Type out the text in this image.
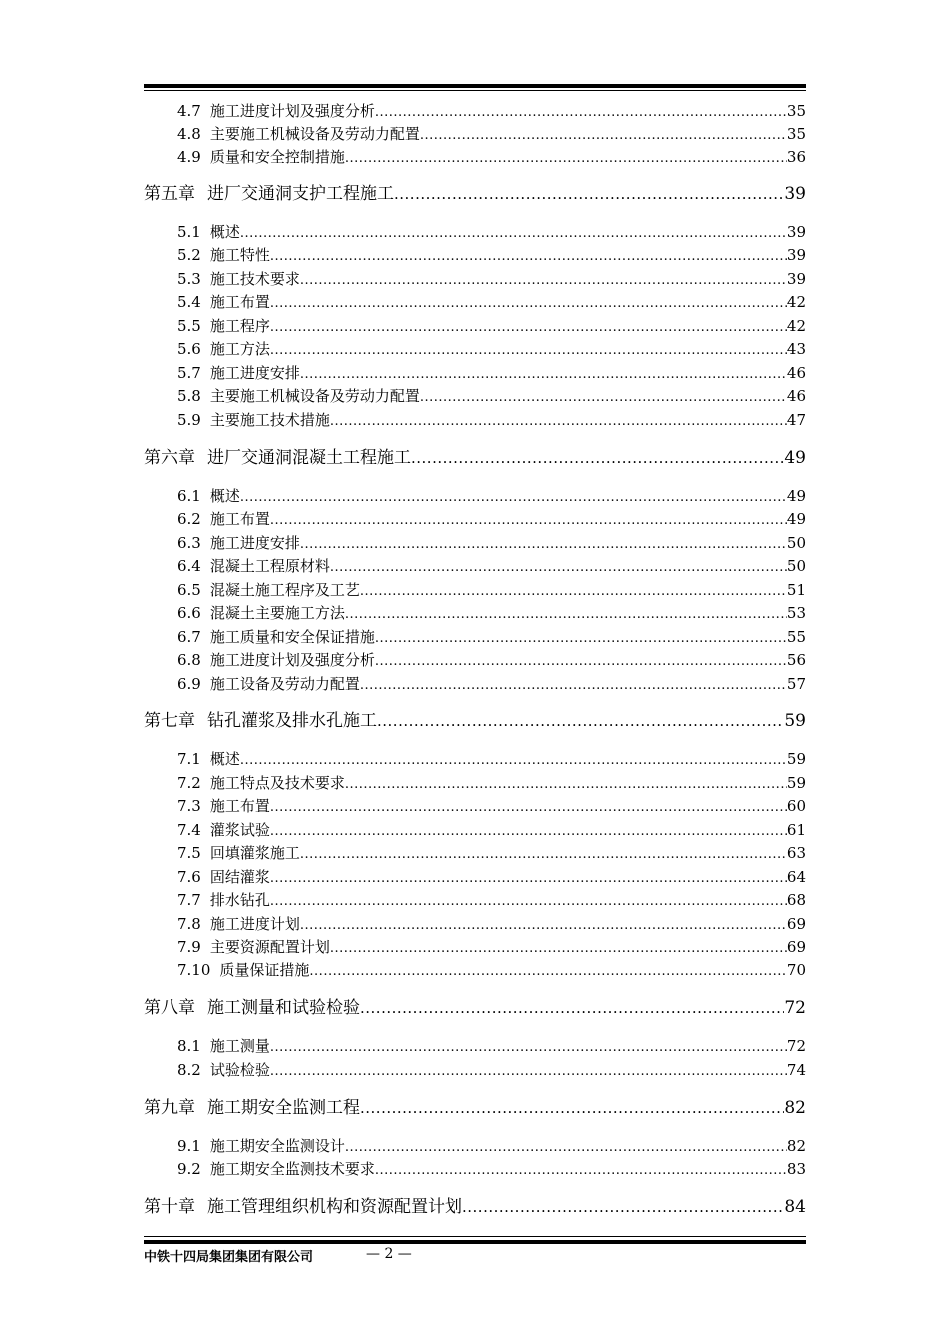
4.7 施工进度计划及强度分析 .....	35
4.8 主要施工机械设备及劳动力配置 .....	35
4.9 质量和安全控制措施 .....	36
第五章 进厂交通洞支护工程施工 .....	39
5.1 概述 .....	39
5.2 施工特性 .....	39
5.3 施工技术要求 .....	39
5.4 施工布置 .....	42
5.5 施工程序 .....	42
5.6 施工方法 .....	43
5.7 施工进度安排 .....	46
5.8 主要施工机械设备及劳动力配置 .....	46
5.9 主要施工技术措施 .....	47
第六章 进厂交通洞混凝土工程施工 .....	49
6.1 概述 .....	49
6.2 施工布置 .....	49
6.3 施工进度安排 .....	50
6.4 混凝土工程原材料 .....	50
6.5 混凝土施工程序及工艺 .....	51
6.6 混凝土主要施工方法 .....	53
6.7 施工质量和安全保证措施 .....	55
6.8 施工进度计划及强度分析 .....	56
6.9 施工设备及劳动力配置 .....	57
第七章 钻孔灌浆及排水孔施工 .....	59
7.1 概述 .....	59
7.2 施工特点及技术要求 .....	59
7.3 施工布置 .....	60
7.4 灌浆试验 .....	61
7.5 回填灌浆施工 .....	63
7.6 固结灌浆 .....	64
7.7 排水钻孔 .....	68
7.8 施工进度计划 .....	69
7.9 主要资源配置计划 .....	69
7.10 质量保证措施 .....	70
第八章 施工测量和试验检验 .....	72
8.1 施工测量 .....	72
8.2 试验检验 .....	74
第九章 施工期安全监测工程 .....	82
9.1 施工期安全监测设计 .....	82
9.2 施工期安全监测技术要求 .....	83
第十章 施工管理组织机构和资源配置计划 .....	84
中铁十四局集团集团有限公司	— 2 —
